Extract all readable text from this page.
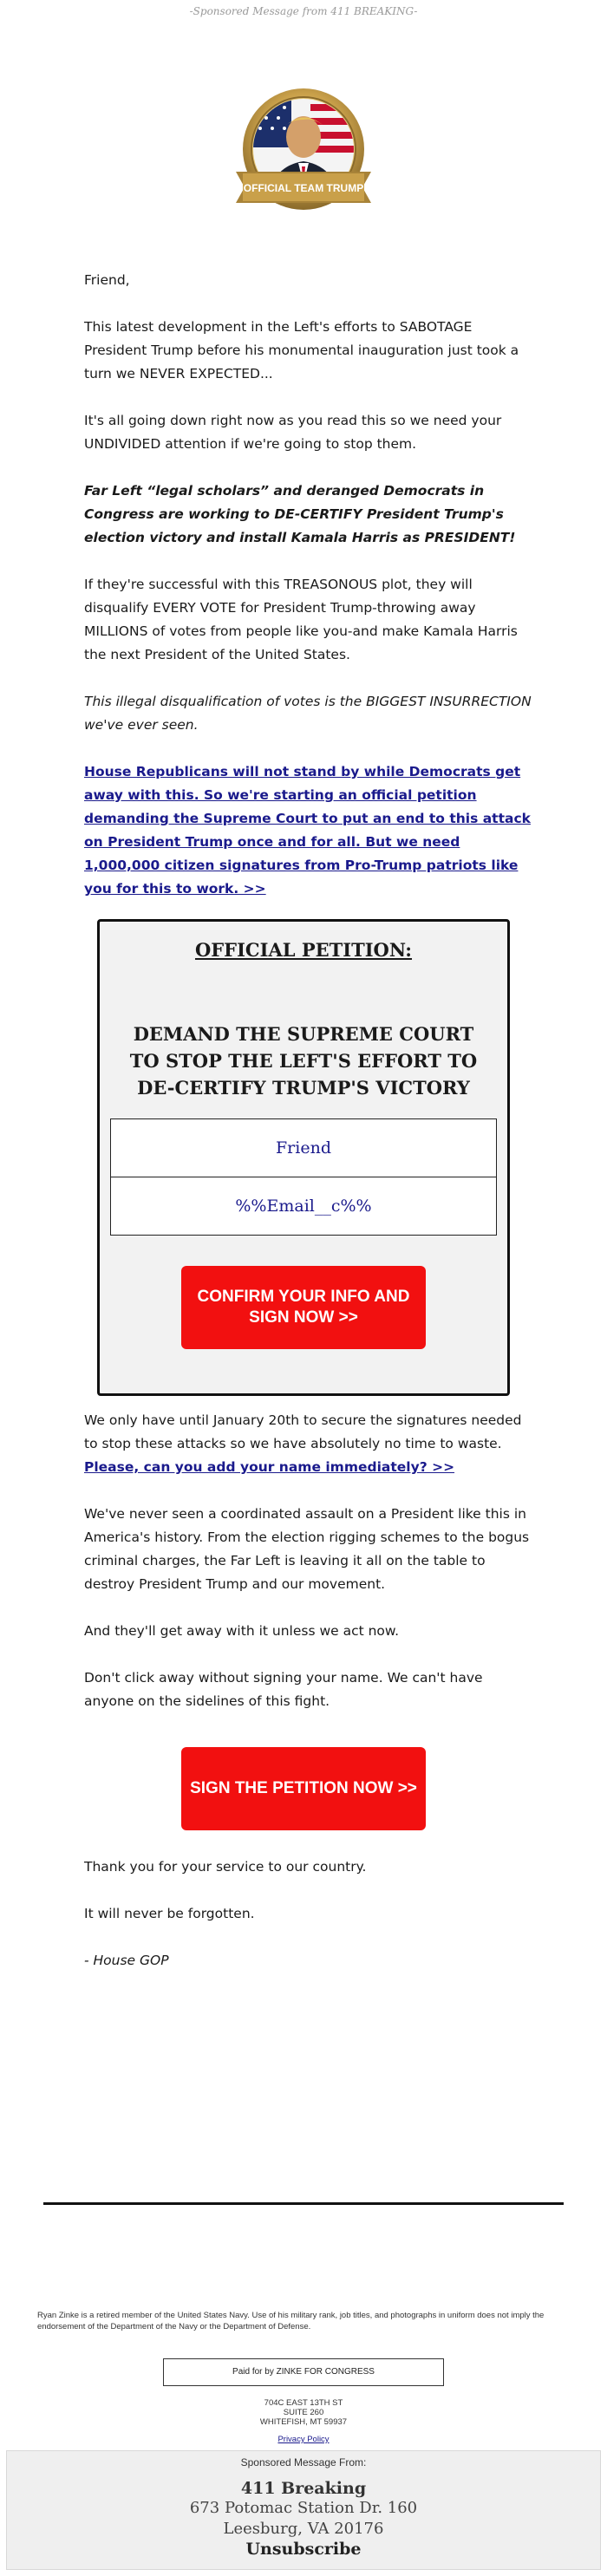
-Sponsored Message from 411 BREAKING-
OFFICIAL TEAM TRUMP

Friend,

This latest development in the Left's efforts to SABOTAGE President Trump before his monumental inauguration just took a turn we NEVER EXPECTED...

It's all going down right now as you read this so we need your UNDIVIDED attention if we're going to stop them.

Far Left “legal scholars” and deranged Democrats in Congress are working to DE-CERTIFY President Trump's election victory and install Kamala Harris as PRESIDENT!

If they're successful with this TREASONOUS plot, they will disqualify EVERY VOTE for President Trump-throwing away MILLIONS of votes from people like you-and make Kamala Harris the next President of the United States.

This illegal disqualification of votes is the BIGGEST INSURRECTION we've ever seen.

House Republicans will not stand by while Democrats get away with this. So we're starting an official petition demanding the Supreme Court to put an end to this attack on President Trump once and for all. But we need 1,000,000 citizen signatures from Pro-Trump patriots like you for this to work. >>

OFFICIAL PETITION:
DEMAND THE SUPREME COURT TO STOP THE LEFT'S EFFORT TO DE-CERTIFY TRUMP'S VICTORY
Friend
%%Email__c%%
CONFIRM YOUR INFO AND SIGN NOW >>

We only have until January 20th to secure the signatures needed to stop these attacks so we have absolutely no time to waste. Please, can you add your name immediately? >>

We've never seen a coordinated assault on a President like this in America's history. From the election rigging schemes to the bogus criminal charges, the Far Left is leaving it all on the table to destroy President Trump and our movement.

And they'll get away with it unless we act now.

Don't click away without signing your name. We can't have anyone on the sidelines of this fight.

SIGN THE PETITION NOW >>

Thank you for your service to our country.

It will never be forgotten.

- House GOP

Ryan Zinke is a retired member of the United States Navy. Use of his military rank, job titles, and photographs in uniform does not imply the endorsement of the Department of the Navy or the Department of Defense.
Paid for by ZINKE FOR CONGRESS
704C EAST 13TH ST
SUITE 260
WHITEFISH, MT 59937
Privacy Policy
Sponsored Message From:
411 Breaking
673 Potomac Station Dr. 160
Leesburg, VA 20176
Unsubscribe
